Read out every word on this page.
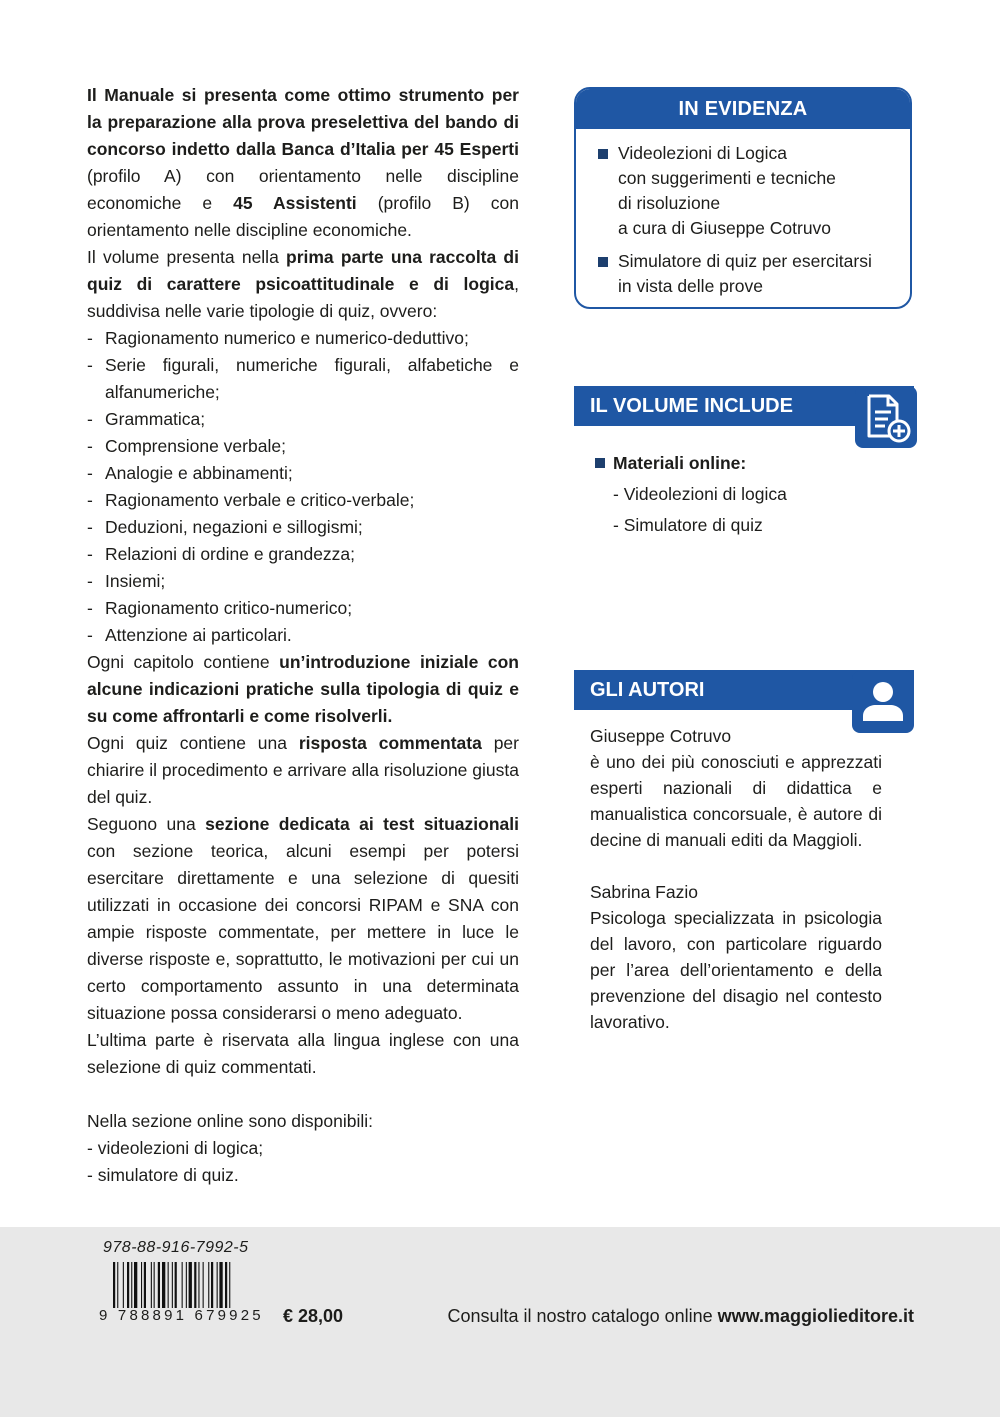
Il Manuale si presenta come ottimo strumento per la preparazione alla prova preselettiva del bando di concorso indetto dalla Banca d’Italia per 45 Esperti (profilo A) con orientamento nelle discipline economiche e 45 Assistenti (profilo B) con orientamento nelle discipline economiche.

Il volume presenta nella prima parte una raccolta di quiz di carattere psicoattitudinale e di logica, suddivisa nelle varie tipologie di quiz, ovvero:

- Ragionamento numerico e numerico-deduttivo;
- Serie figurali, numeriche figurali, alfabetiche e alfanumeriche;
- Grammatica;
- Comprensione verbale;
- Analogie e abbinamenti;
- Ragionamento verbale e critico-verbale;
- Deduzioni, negazioni e sillogismi;
- Relazioni di ordine e grandezza;
- Insiemi;
- Ragionamento critico-numerico;
- Attenzione ai particolari.

Ogni capitolo contiene un’introduzione iniziale con alcune indicazioni pratiche sulla tipologia di quiz e su come affrontarli e come risolverli.

Ogni quiz contiene una risposta commentata per chiarire il procedimento e arrivare alla risoluzione giusta del quiz.

Seguono una sezione dedicata ai test situazionali con sezione teorica, alcuni esempi per potersi esercitare direttamente e una selezione di quesiti utilizzati in occasione dei concorsi RIPAM e SNA con ampie risposte commentate, per mettere in luce le diverse risposte e, soprattutto, le motivazioni per cui un certo comportamento assunto in una determinata situazione possa considerarsi o meno adeguato.

L’ultima parte è riservata alla lingua inglese con una selezione di quiz commentati.

Nella sezione online sono disponibili:

- videolezioni di logica;
- simulatore di quiz.
IN EVIDENZA
Videolezioni di Logica
con suggerimenti e tecniche
di risoluzione
a cura di Giuseppe Cotruvo
Simulatore di quiz per esercitarsi
in vista delle prove
IL VOLUME INCLUDE
Materiali online:
- Videolezioni di logica
- Simulatore di quiz
GLI AUTORI

Giuseppe Cotruvo

è uno dei più conosciuti e apprezzati esperti nazionali di didattica e manualistica concorsuale, è autore di decine di manuali editi da Maggioli.

Sabrina Fazio

Psicologa specializzata in psicologia del lavoro, con particolare riguardo per l’area dell’orientamento e della prevenzione del disagio nel contesto lavorativo.

978-88-916-7992-5
9 788891 679925 € 28,00	Consulta il nostro catalogo online www.maggiolieditore.it
